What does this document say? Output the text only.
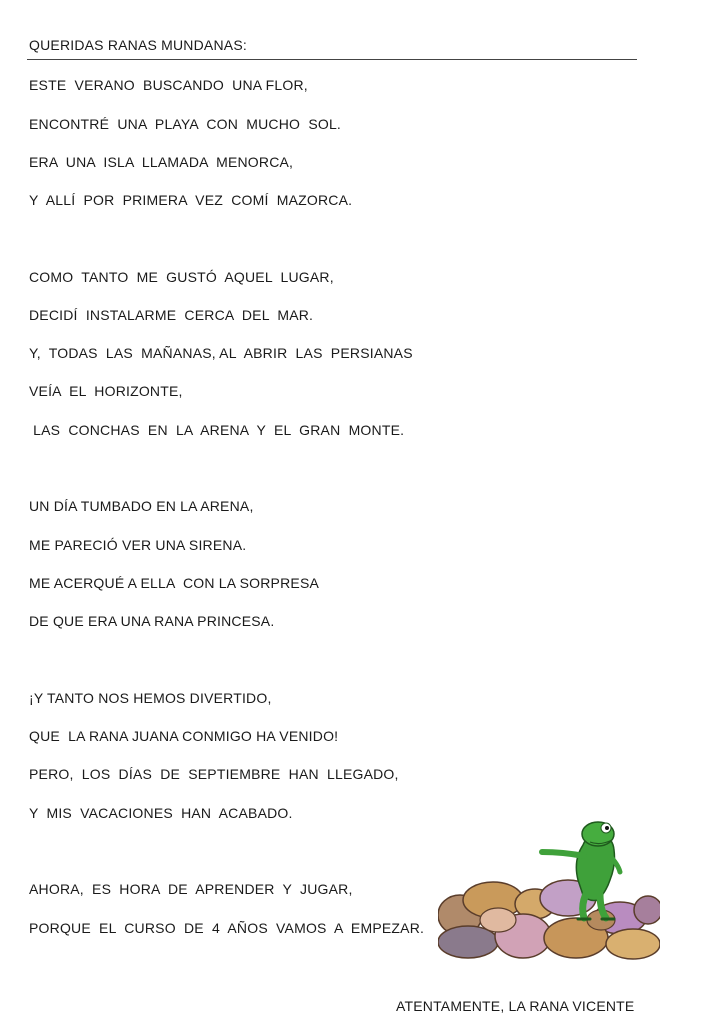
QUERIDAS RANAS MUNDANAS:
ESTE  VERANO  BUSCANDO  UNA FLOR,
ENCONTRÉ  UNA  PLAYA  CON  MUCHO  SOL.
ERA  UNA  ISLA  LLAMADA  MENORCA,
Y  ALLÍ  POR  PRIMERA  VEZ  COMÍ  MAZORCA.
COMO  TANTO  ME  GUSTÓ  AQUEL  LUGAR,
DECIDÍ  INSTALARME  CERCA  DEL  MAR.
Y,  TODAS  LAS  MAÑANAS, AL  ABRIR  LAS  PERSIANAS
VEÍA  EL  HORIZONTE,
LAS  CONCHAS  EN  LA  ARENA  Y  EL  GRAN  MONTE.
UN DÍA TUMBADO EN LA ARENA,
ME PARECIÓ VER UNA SIRENA.
ME ACERQUÉ A ELLA  CON LA SORPRESA
DE QUE ERA UNA RANA PRINCESA.
¡Y TANTO NOS HEMOS DIVERTIDO,
QUE  LA RANA JUANA CONMIGO HA VENIDO!
PERO,  LOS  DÍAS  DE  SEPTIEMBRE  HAN  LLEGADO,
Y  MIS  VACACIONES  HAN  ACABADO.
AHORA,  ES  HORA  DE  APRENDER  Y  JUGAR,
PORQUE  EL  CURSO  DE  4  AÑOS  VAMOS  A  EMPEZAR.
ATENTAMENTE, LA RANA VICENTE
